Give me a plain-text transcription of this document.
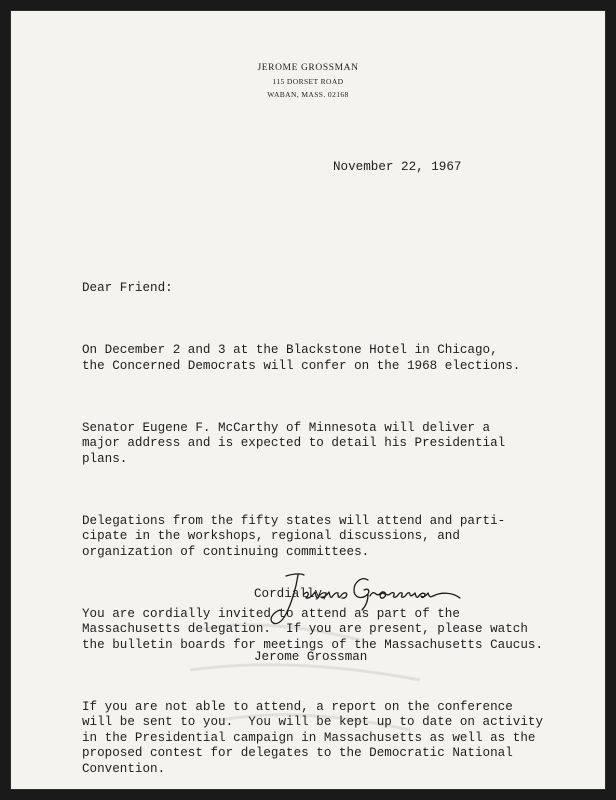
JEROME GROSSMAN
115 DORSET ROAD
WABAN, MASS. 02168
November 22, 1967

Dear Friend:

On December 2 and 3 at the Blackstone Hotel in Chicago,
the Concerned Democrats will confer on the 1968 elections.

Senator Eugene F. McCarthy of Minnesota will deliver a
major address and is expected to detail his Presidential
plans.

Delegations from the fifty states will attend and parti-
cipate in the workshops, regional discussions, and
organization of continuing committees.

You are cordially invited to attend as part of the
Massachusetts delegation.  If you are present, please watch
the bulletin boards for meetings of the Massachusetts Caucus.

If you are not able to attend, a report on the conference
will be sent to you.  You will be kept up to date on activity
in the Presidential campaign in Massachusetts as well as the
proposed contest for delegates to the Democratic National
Convention.

Cordially,

Jerome Grossman
